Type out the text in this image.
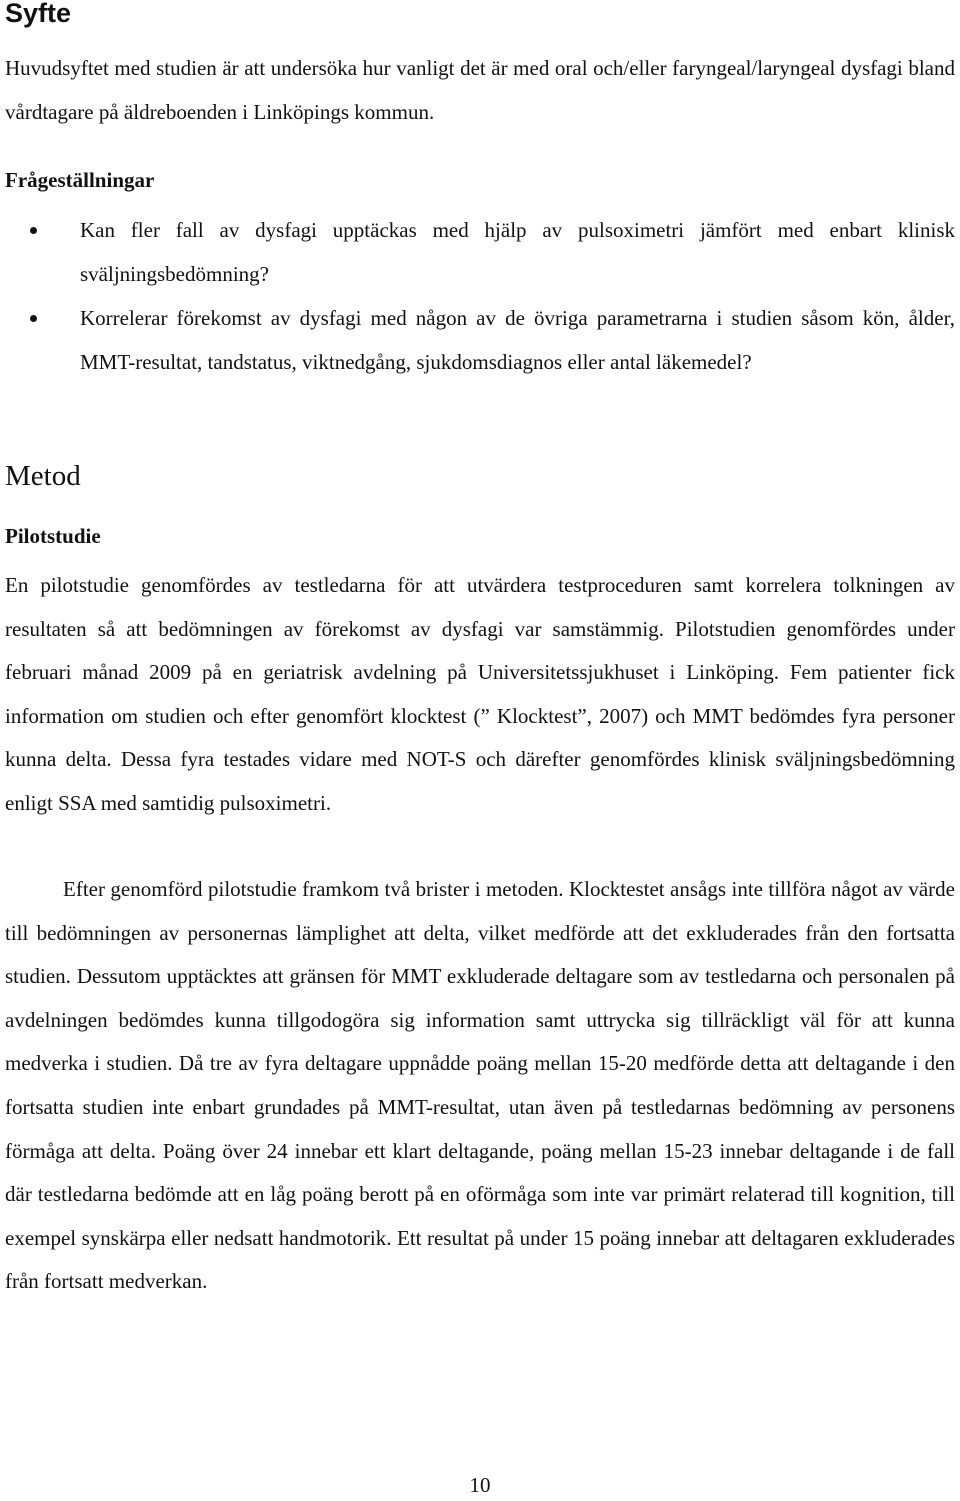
Syfte

Huvudsyftet med studien är att undersöka hur vanligt det är med oral och/eller faryngeal/laryngeal dysfagi bland vårdtagare på äldreboenden i Linköpings kommun.

Frågeställningar
Kan fler fall av dysfagi upptäckas med hjälp av pulsoximetri jämfört med enbart klinisk sväljningsbedömning?
Korrelerar förekomst av dysfagi med någon av de övriga parametrarna i studien såsom kön, ålder, MMT-resultat, tandstatus, viktnedgång, sjukdomsdiagnos eller antal läkemedel?
Metod
Pilotstudie

En pilotstudie genomfördes av testledarna för att utvärdera testproceduren samt korrelera tolkningen av resultaten så att bedömningen av förekomst av dysfagi var samstämmig. Pilotstudien genomfördes under februari månad 2009 på en geriatrisk avdelning på Universitetssjukhuset i Linköping. Fem patienter fick information om studien och efter genomfört klocktest (” Klocktest”, 2007) och MMT bedömdes fyra personer kunna delta. Dessa fyra testades vidare med NOT-S och därefter genomfördes klinisk sväljningsbedömning enligt SSA med samtidig pulsoximetri.

Efter genomförd pilotstudie framkom två brister i metoden. Klocktestet ansågs inte tillföra något av värde till bedömningen av personernas lämplighet att delta, vilket medförde att det exkluderades från den fortsatta studien. Dessutom upptäcktes att gränsen för MMT exkluderade deltagare som av testledarna och personalen på avdelningen bedömdes kunna tillgodogöra sig information samt uttrycka sig tillräckligt väl för att kunna medverka i studien. Då tre av fyra deltagare uppnådde poäng mellan 15-20 medförde detta att deltagande i den fortsatta studien inte enbart grundades på MMT-resultat, utan även på testledarnas bedömning av personens förmåga att delta. Poäng över 24 innebar ett klart deltagande, poäng mellan 15-23 innebar deltagande i de fall där testledarna bedömde att en låg poäng berott på en oförmåga som inte var primärt relaterad till kognition, till exempel synskärpa eller nedsatt handmotorik. Ett resultat på under 15 poäng innebar att deltagaren exkluderades från fortsatt medverkan.

10
